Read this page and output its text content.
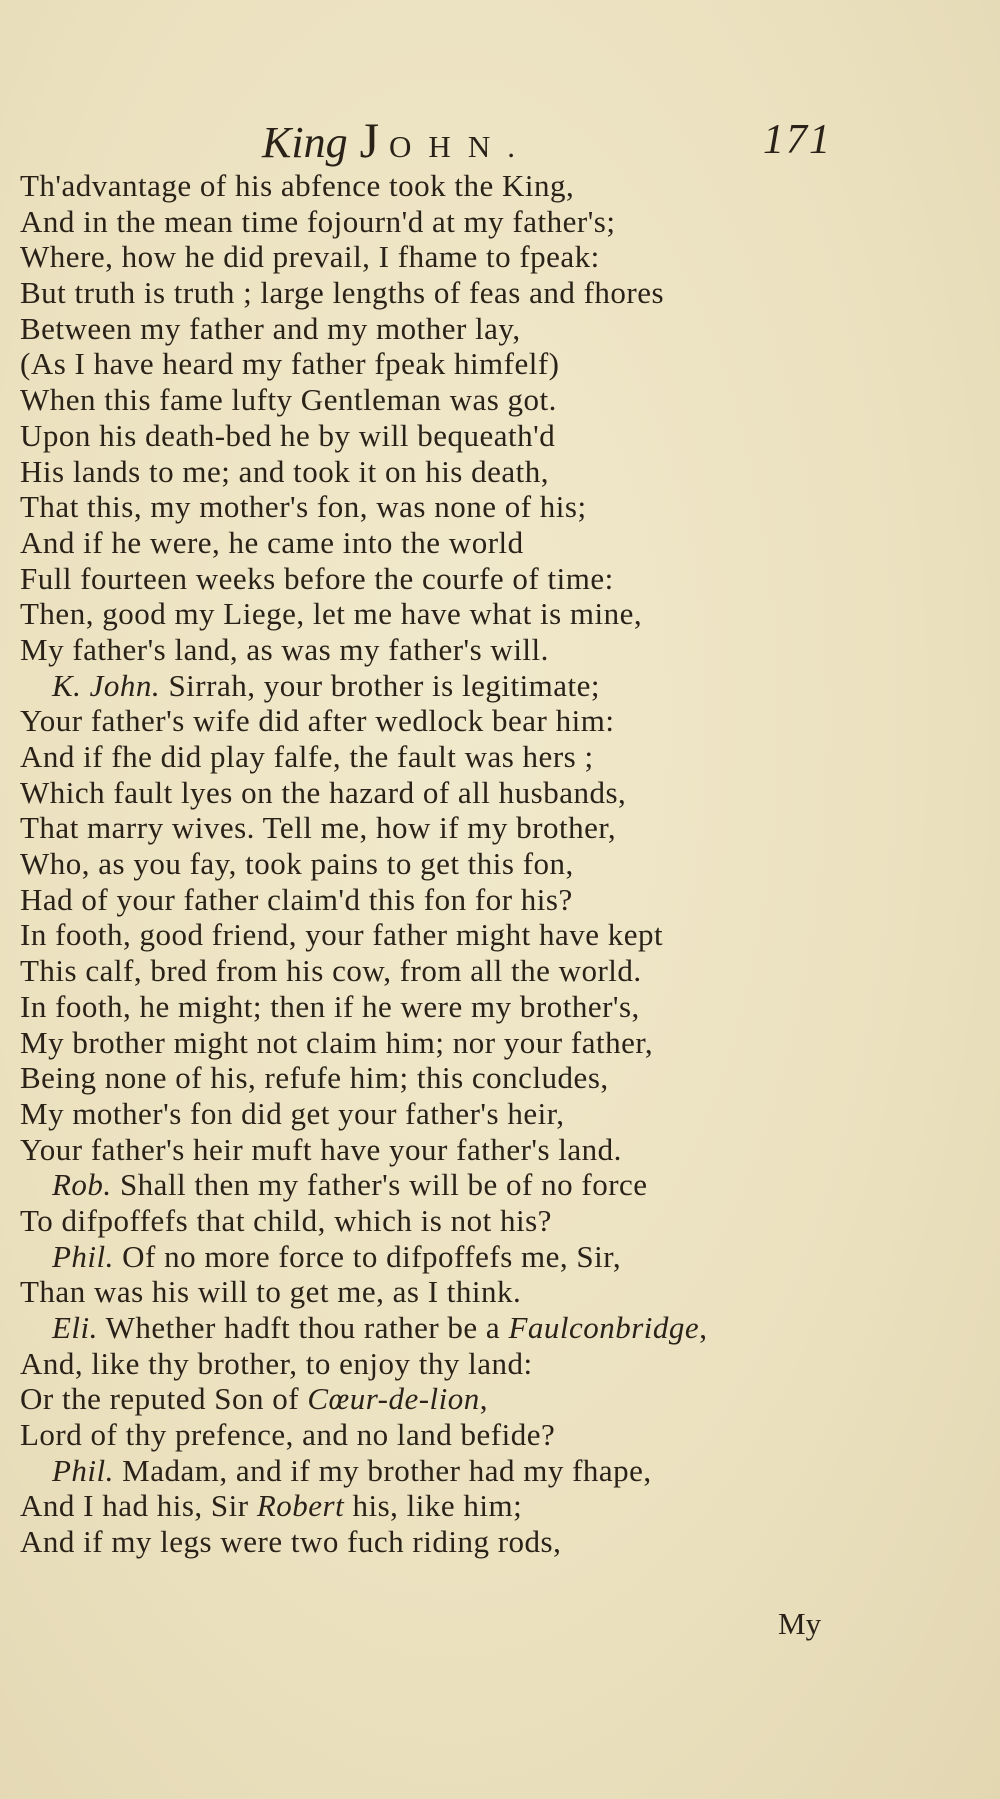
King J OHN.	171
Th'advantage of his abfence took the King,
And in the mean time fojourn'd at my father's;
Where, how he did prevail, I fhame to fpeak:
But truth is truth ; large lengths of feas and fhores
Between my father and my mother lay,
(As I have heard my father fpeak himfelf)
When this fame lufty Gentleman was got.
Upon his death-bed he by will bequeath'd
His lands to me; and took it on his death,
That this, my mother's fon, was none of his;
And if he were, he came into the world
Full fourteen weeks before the courfe of time:
Then, good my Liege, let me have what is mine,
My father's land, as was my father's will.
K. John. Sirrah, your brother is legitimate;
Your father's wife did after wedlock bear him:
And if fhe did play falfe, the fault was hers ;
Which fault lyes on the hazard of all husbands,
That marry wives. Tell me, how if my brother,
Who, as you fay, took pains to get this fon,
Had of your father claim'd this fon for his?
In footh, good friend, your father might have kept
This calf, bred from his cow, from all the world.
In footh, he might; then if he were my brother's,
My brother might not claim him; nor your father,
Being none of his, refufe him; this concludes,
My mother's fon did get your father's heir,
Your father's heir muft have your father's land.
Rob. Shall then my father's will be of no force
To difpoffefs that child, which is not his?
Phil. Of no more force to difpoffefs me, Sir,
Than was his will to get me, as I think.
Eli. Whether hadft thou rather be a Faulconbridge,
And, like thy brother, to enjoy thy land:
Or the reputed Son of Cœur-de-lion,
Lord of thy prefence, and no land befide?
Phil. Madam, and if my brother had my fhape,
And I had his, Sir Robert his, like him;
And if my legs were two fuch riding rods,
My
